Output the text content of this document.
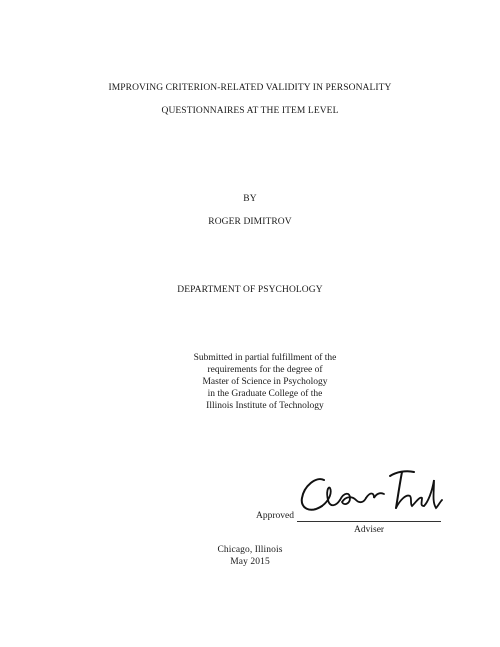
IMPROVING CRITERION-RELATED VALIDITY IN PERSONALITY
QUESTIONNAIRES AT THE ITEM LEVEL
BY
ROGER DIMITROV
DEPARTMENT OF PSYCHOLOGY
Submitted in partial fulfillment of the
requirements for the degree of
Master of Science in Psychology
in the Graduate College of the
Illinois Institute of Technology
Approved
Adviser
Chicago, Illinois
May 2015
